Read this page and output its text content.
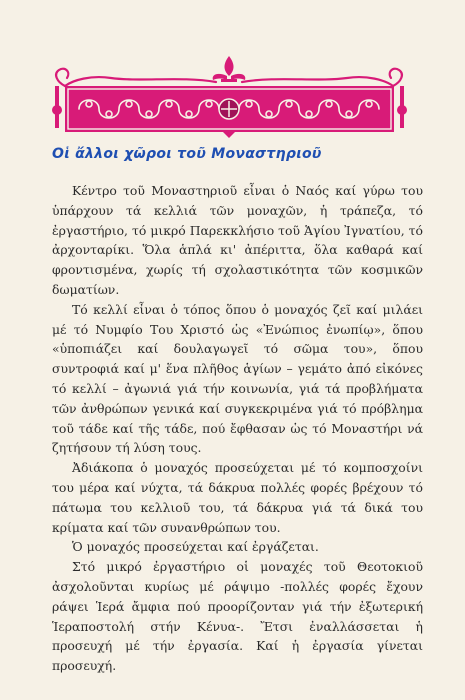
Οἱ ἄλλοι χῶροι τοῦ Μοναστηριοῦ

Κέντρο τοῦ Μοναστηριοῦ εἶναι ὁ Ναός καί γύρω του ὑπάρχουν τά κελλιά τῶν μοναχῶν, ἡ τράπεζα, τό ἐργαστήριο, τό μικρό Παρεκκλήσιο τοῦ Ἁγίου Ἰγνατίου, τό ἀρχονταρίκι. Ὅλα ἁπλά κι' ἀπέριττα, ὅλα καθαρά καί φροντισμένα, χωρίς τή σχολαστικότητα τῶν κοσμικῶν δωματίων.

Τό κελλί εἶναι ὁ τόπος ὅπου ὁ μοναχός ζεῖ καί μιλάει μέ τό Νυμφίο Του Χριστό ὡς «Ἐνώπιος ἐνωπίῳ», ὅπου «ὑποπιάζει καί δουλαγωγεῖ τό σῶμα του», ὅπου συντροφιά καί μ' ἕνα πλῆθος ἁγίων – γεμάτο ἀπό εἰκόνες τό κελλί – ἀγωνιά γιά τήν κοινωνία, γιά τά προβλήματα τῶν ἀνθρώπων γενικά καί συγκεκριμένα γιά τό πρόβλημα τοῦ τάδε καί τῆς τάδε, πού ἔφθασαν ὡς τό Μοναστήρι νά ζητήσουν τή λύση τους.

Ἀδιάκοπα ὁ μοναχός προσεύχεται μέ τό κομποσχοίνι του μέρα καί νύχτα, τά δάκρυα πολλές φορές βρέχουν τό πάτωμα του κελλιοῦ του, τά δάκρυα γιά τά δικά του κρίματα καί τῶν συνανθρώπων του.

Ὁ μοναχός προσεύχεται καί ἐργάζεται.

Στό μικρό ἐργαστήριο οἱ μοναχές τοῦ Θεοτοκιοῦ ἀσχολοῦνται κυρίως μέ ράψιμο -πολλές φορές ἔχουν ράψει Ἱερά ἄμφια πού προορίζονταν γιά τήν ἐξωτερική Ἱεραποστολή στήν Κένυα-. Ἔτσι ἐναλλάσσεται ἡ προσευχή μέ τήν ἐργασία. Καί ἡ ἐργασία γίνεται προσευχή.
